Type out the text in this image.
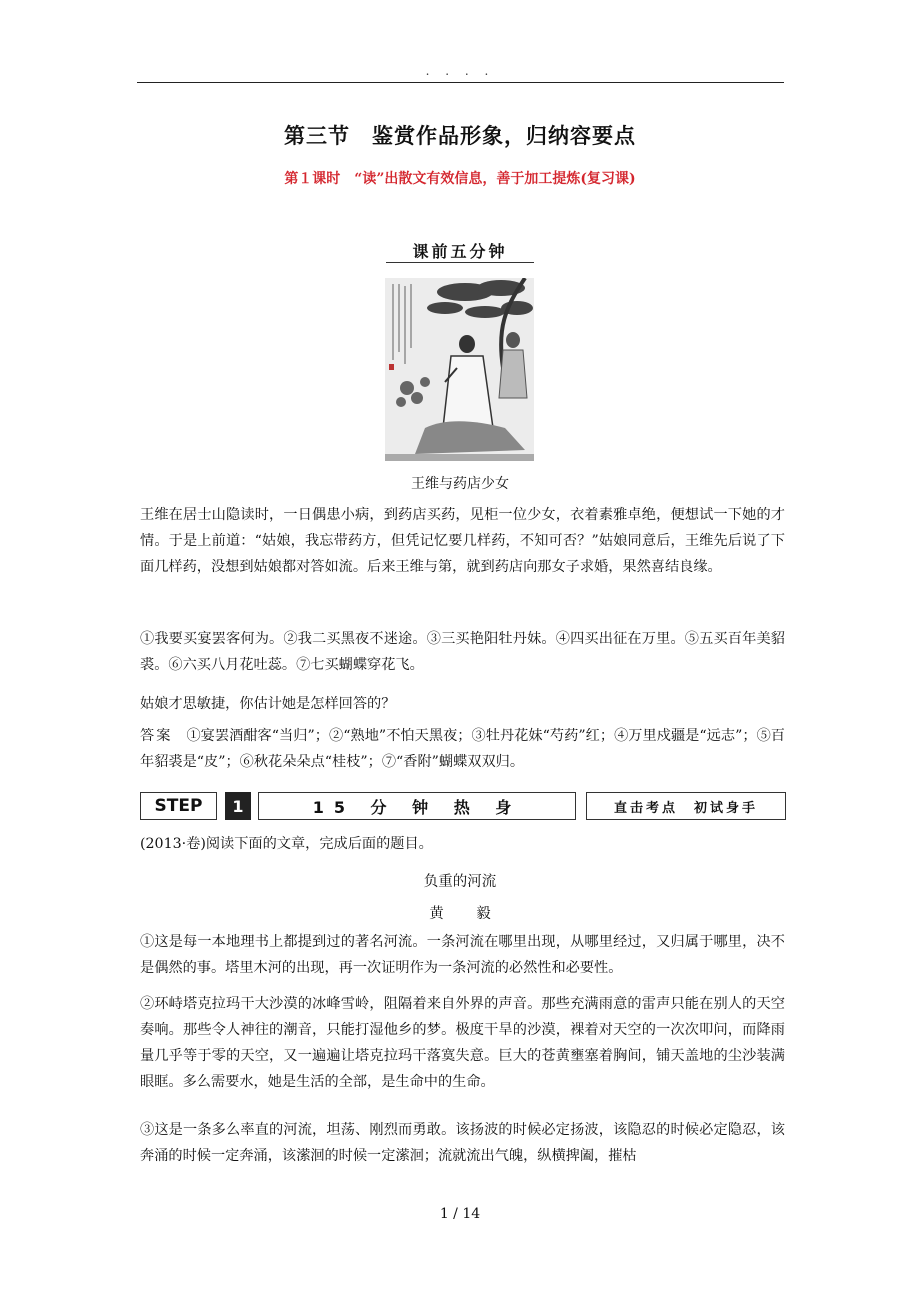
. . . .
第三节　鉴赏作品形象，归纳容要点
第１课时　“读”出散文有效信息，善于加工提炼(复习课)
课前五分钟
王维与药店少女

王维在居士山隐读时，一日偶患小病，到药店买药，见柜一位少女，衣着素雅卓绝，便想试一下她的才情。于是上前道：“姑娘，我忘带药方，但凭记忆要几样药，不知可否？”姑娘同意后，王维先后说了下面几样药，没想到姑娘都对答如流。后来王维与第，就到药店向那女子求婚，果然喜结良缘。

①我要买宴罢客何为。②我二买黑夜不迷途。③三买艳阳牡丹妹。④四买出征在万里。⑤五买百年美貂裘。⑥六买八月花吐蕊。⑦七买蝴蝶穿花飞。

姑娘才思敏捷，你估计她是怎样回答的？

答案 ①宴罢酒酣客“当归”；②“熟地”不怕天黑夜；③牡丹花妹“芍药”红；④万里戍疆是“远志”；⑤百年貂裘是“皮”；⑥秋花朵朵点“桂枝”；⑦“香附”蝴蝶双双归。

STEP	1	15 分 钟 热 身	直击考点　初试身手

(2013·卷)阅读下面的文章，完成后面的题目。

负重的河流
黄 毅

①这是每一本地理书上都提到过的著名河流。一条河流在哪里出现，从哪里经过，又归属于哪里，决不是偶然的事。塔里木河的出现，再一次证明作为一条河流的必然性和必要性。

②环峙塔克拉玛干大沙漠的冰峰雪岭，阻隔着来自外界的声音。那些充满雨意的雷声只能在别人的天空奏响。那些令人神往的潮音，只能打湿他乡的梦。极度干旱的沙漠，裸着对天空的一次次叩问，而降雨量几乎等于零的天空，又一遍遍让塔克拉玛干落寞失意。巨大的苍黄壅塞着胸间，铺天盖地的尘沙装满眼眶。多么需要水，她是生活的全部，是生命中的生命。

③这是一条多么率直的河流，坦荡、刚烈而勇敢。该扬波的时候必定扬波，该隐忍的时候必定隐忍，该奔涌的时候一定奔涌，该潆洄的时候一定潆洄；流就流出气魄，纵横捭阖，摧枯

1 / 14
